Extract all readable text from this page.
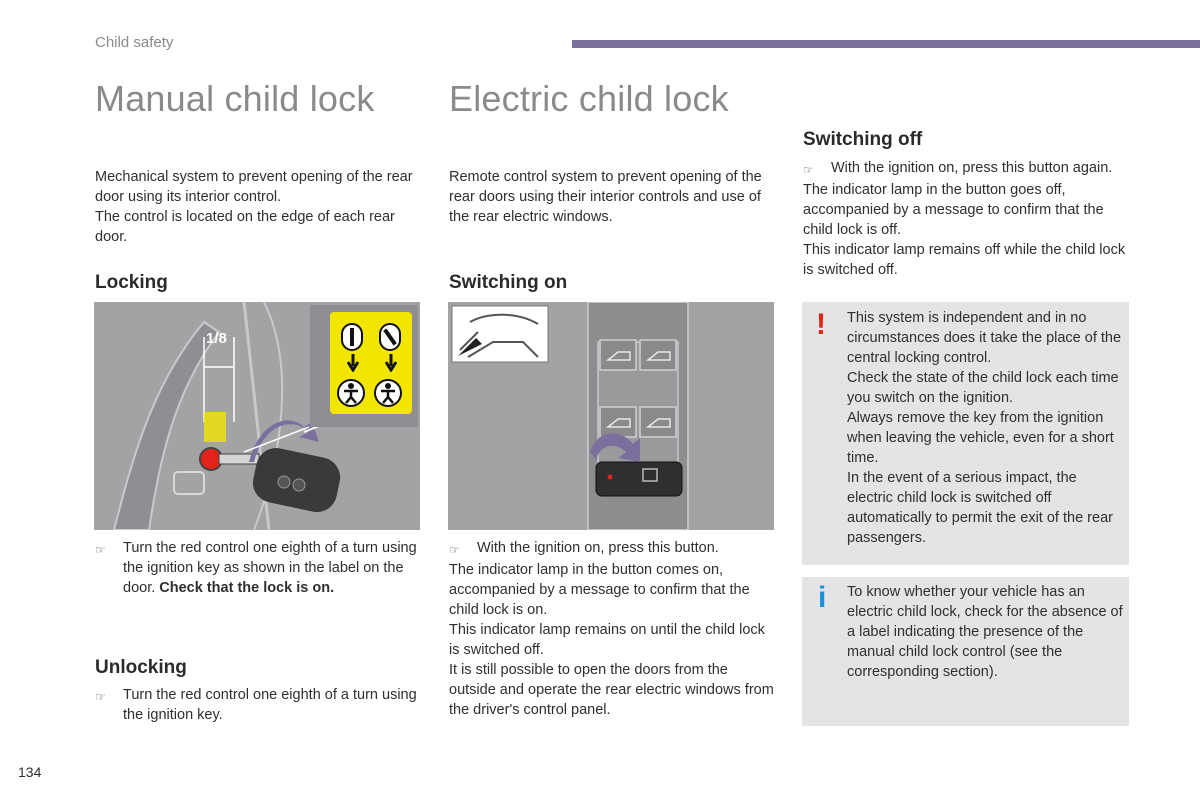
Child safety
Manual child lock Electric child lock

Mechanical system to prevent opening of the rear door using its interior control.

The control is located on the edge of each rear door.

Locking
1/8
☞	Turn the red control one eighth of a turn using the ignition key as shown in the label on the door. Check that the lock is on.
Unlocking
☞	Turn the red control one eighth of a turn using the ignition key.

Remote control system to prevent opening of the rear doors using their interior controls and use of the rear electric windows.

Switching on
☞	With the ignition on, press this button.

The indicator lamp in the button comes on, accompanied by a message to confirm that the child lock is on.

This indicator lamp remains on until the child lock is switched off.

It is still possible to open the doors from the outside and operate the rear electric windows from the driver's control panel.

Switching off
☞	With the ignition on, press this button again.

The indicator lamp in the button goes off, accompanied by a message to confirm that the child lock is off.

This indicator lamp remains off while the child lock is switched off.

! This system is independent and in no circumstances does it take the place of the central locking control.

Check the state of the child lock each time you switch on the ignition.

Always remove the key from the ignition when leaving the vehicle, even for a short time.

In the event of a serious impact, the electric child lock is switched off automatically to permit the exit of the rear passengers.

i To know whether your vehicle has an electric child lock, check for the absence of a label indicating the presence of the manual child lock control (see the corresponding section).

134
